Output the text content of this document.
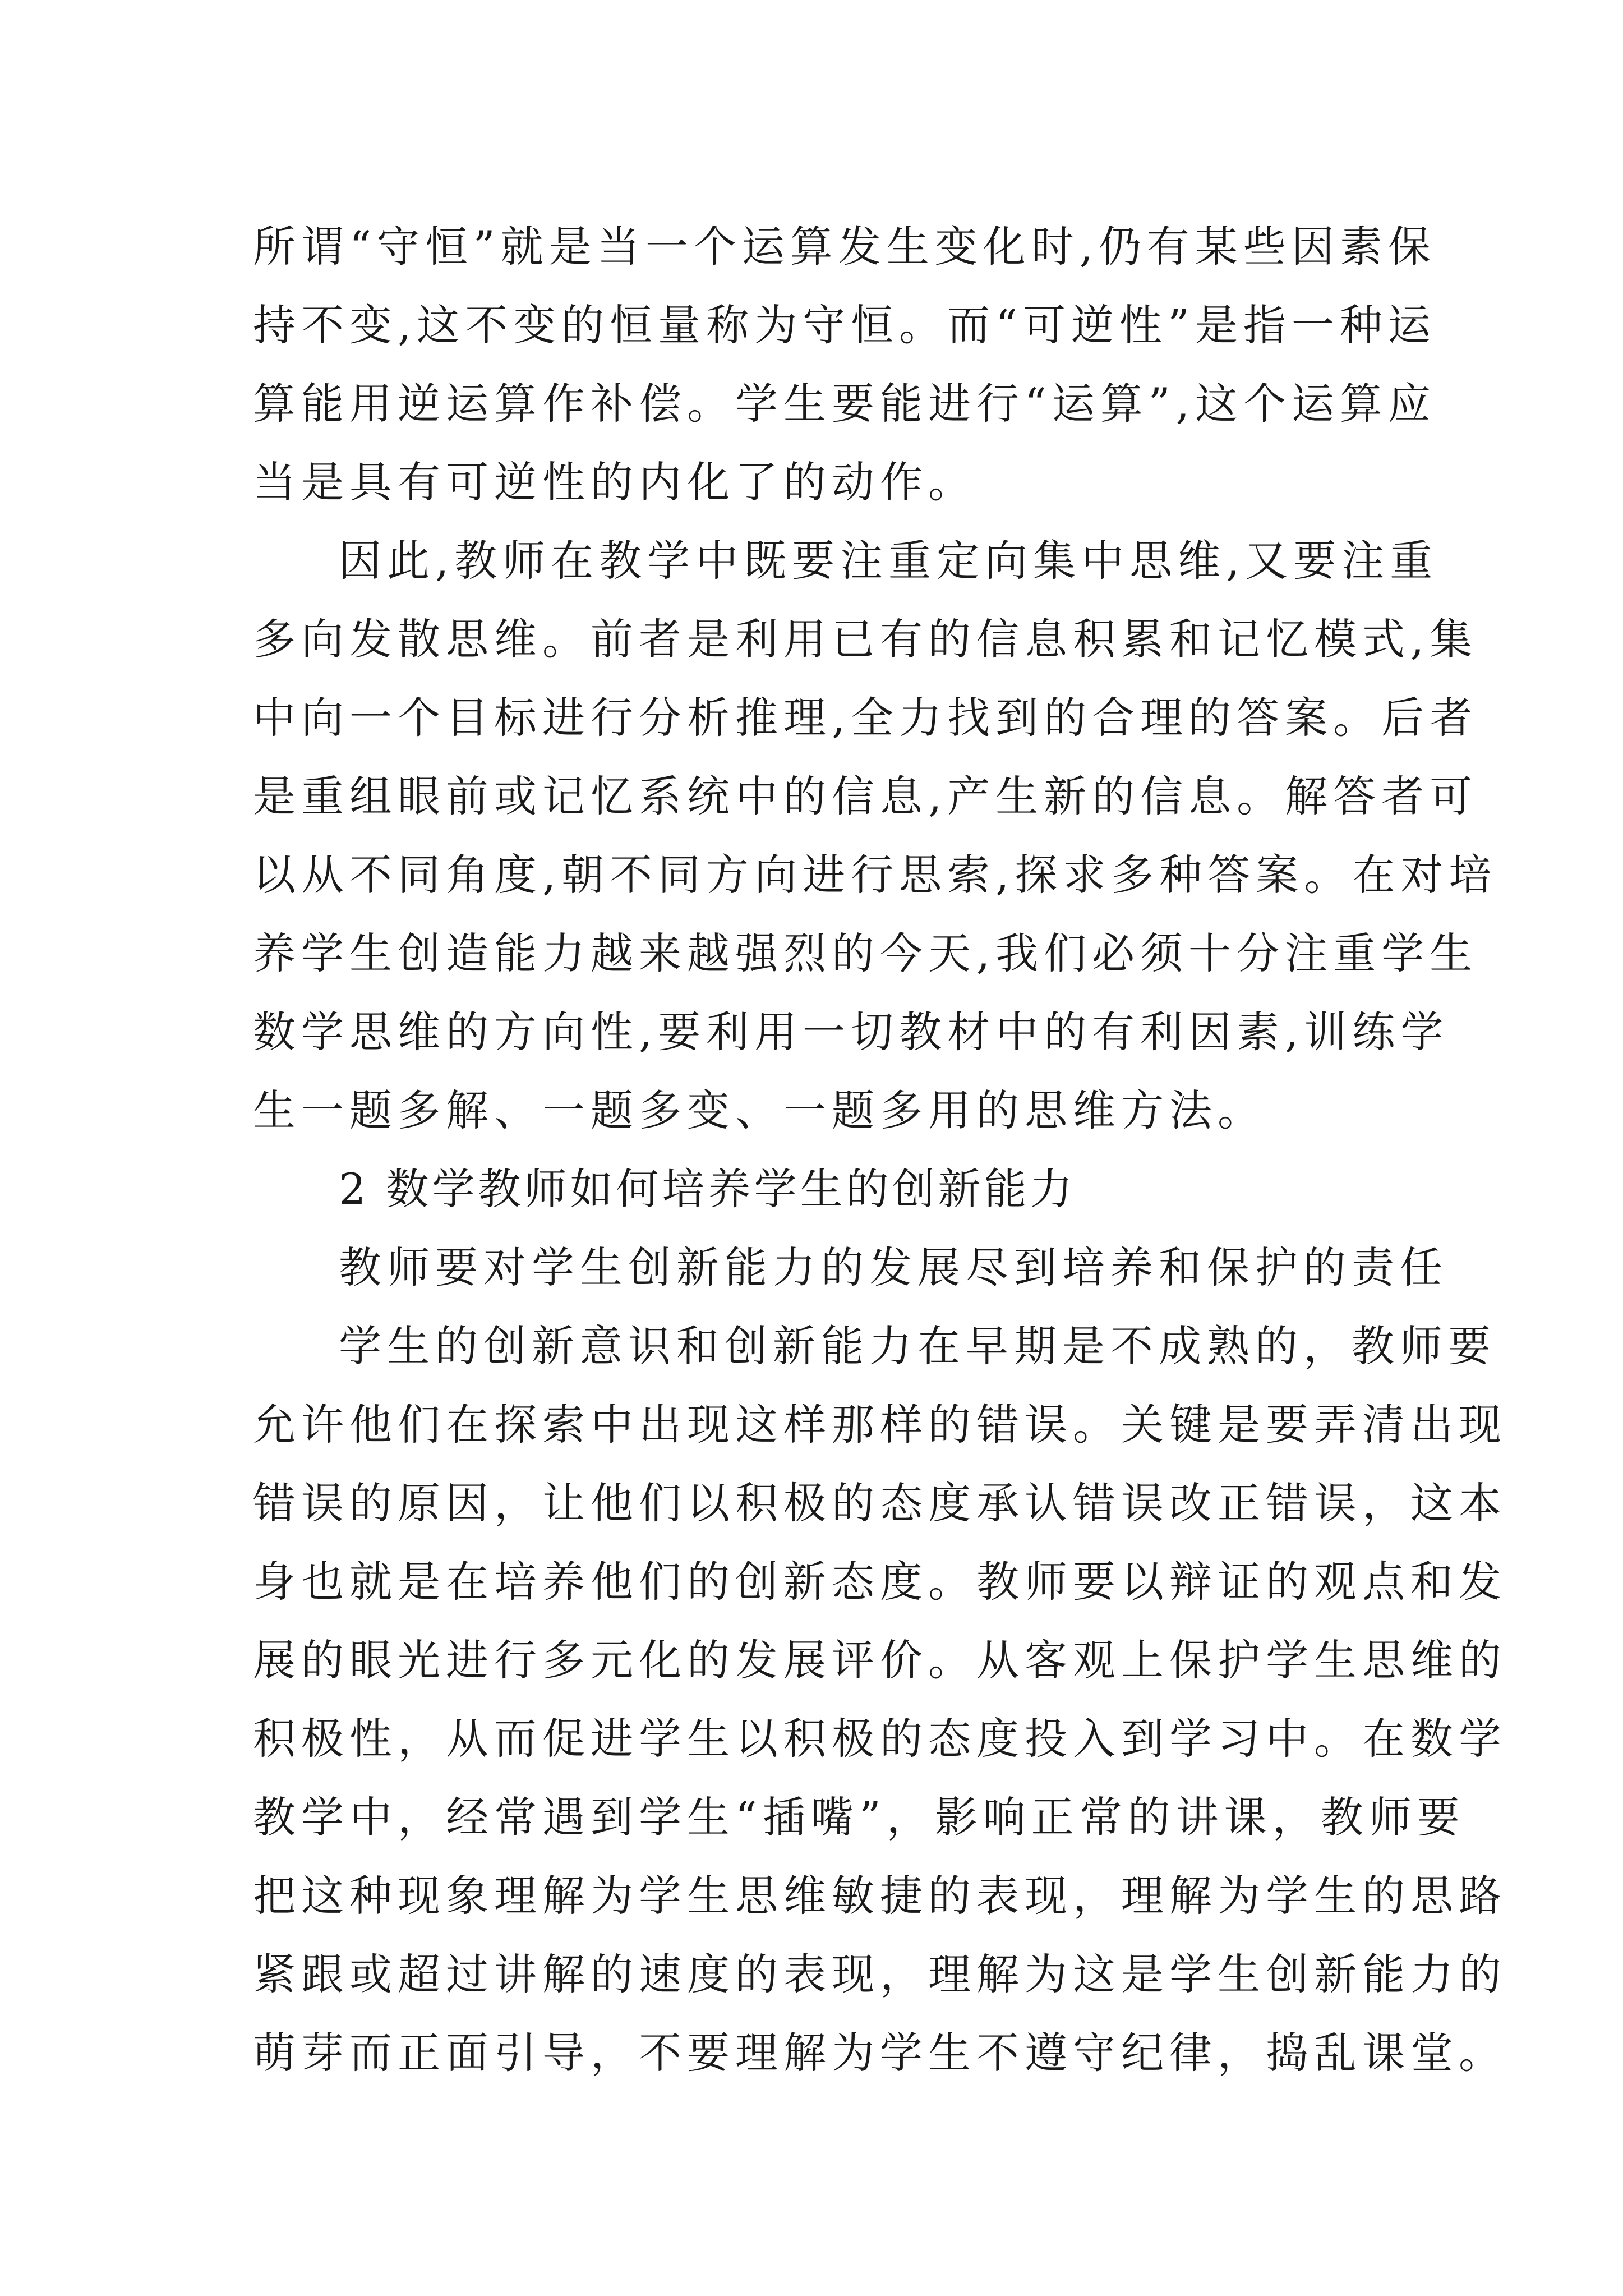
所谓“守恒”就是当一个运算发生变化时,仍有某些因素保
持不变,这不变的恒量称为守恒。而“可逆性”是指一种运
算能用逆运算作补偿。学生要能进行“运算”,这个运算应
当是具有可逆性的内化了的动作。
因此,教师在教学中既要注重定向集中思维,又要注重
多向发散思维。前者是利用已有的信息积累和记忆模式,集
中向一个目标进行分析推理,全力找到的合理的答案。后者
是重组眼前或记忆系统中的信息,产生新的信息。解答者可
以从不同角度,朝不同方向进行思索,探求多种答案。在对培
养学生创造能力越来越强烈的今天,我们必须十分注重学生
数学思维的方向性,要利用一切教材中的有利因素,训练学
生一题多解、一题多变、一题多用的思维方法。
2 数学教师如何培养学生的创新能力
教师要对学生创新能力的发展尽到培养和保护的责任
学生的创新意识和创新能力在早期是不成熟的，教师要
允许他们在探索中出现这样那样的错误。关键是要弄清出现
错误的原因，让他们以积极的态度承认错误改正错误，这本
身也就是在培养他们的创新态度。教师要以辩证的观点和发
展的眼光进行多元化的发展评价。从客观上保护学生思维的
积极性，从而促进学生以积极的态度投入到学习中。在数学
教学中，经常遇到学生“插嘴”，影响正常的讲课，教师要
把这种现象理解为学生思维敏捷的表现，理解为学生的思路
紧跟或超过讲解的速度的表现，理解为这是学生创新能力的
萌芽而正面引导，不要理解为学生不遵守纪律，捣乱课堂。
